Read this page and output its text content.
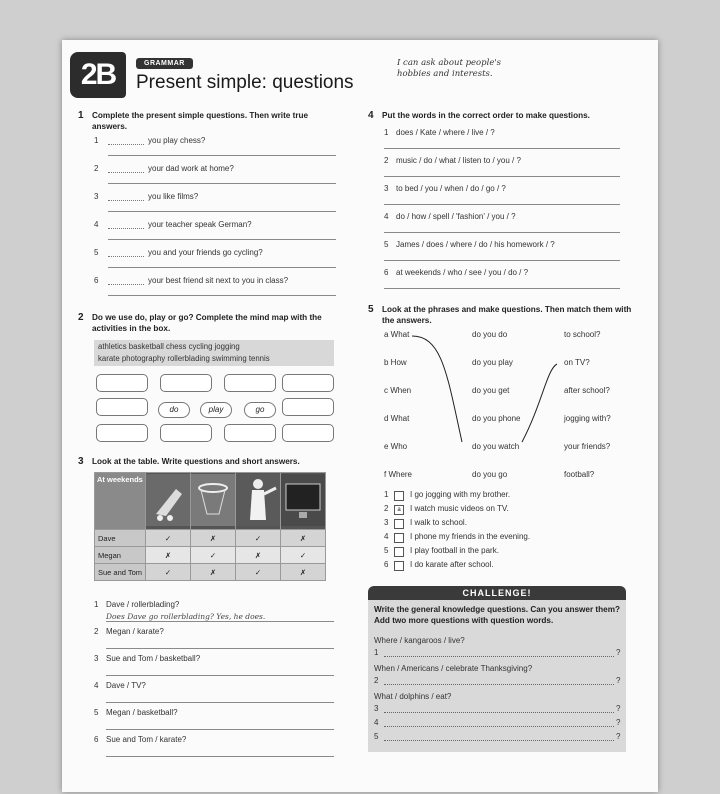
2B	GRAMMAR
Present simple: questions
I can ask about people's hobbies and interests.
1 Complete the present simple questions. Then write true answers.
2 Do we use do, play or go? Complete the mind map with the activities in the box.
athletics basketball chess cycling jogging
karate photography rollerblading swimming tennis
3 Look at the table. Write questions and short answers.
At weekends				
Dave	✓	✗	✓	✗
Megan	✗	✓	✗	✓
Sue and Tom	✓	✗	✓	✗
4 Put the words in the correct order to make questions.
5 Look at the phrases and make questions. Then match them with the answers.
CHALLENGE!
Write the general knowledge questions. Can you answer them? Add two more questions with question words.
1	you play chess?
2	your dad work at home?
3	you like films?
4	your teacher speak German?
5	you and your friends go cycling?
6	your best friend sit next to you in class?
do	play	go
1 Dave / rollerblading?
Does Dave go rollerblading? Yes, he does.
2 Megan / karate?
3 Sue and Tom / basketball?
4 Dave / TV?
5 Megan / basketball?
6 Sue and Tom / karate?
1 does / Kate / where / live / ?
2 music / do / what / listen to / you / ?
3 to bed / you / when / do / go / ?
4 do / how / spell / 'fashion' / you / ?
5 James / does / where / do / his homework / ?
6 at weekends / who / see / you / do / ?
a What	do you do	to school?
b How	do you play	on TV?
c When	do you get	after school?
d What	do you phone	jogging with?
e Who	do you watch	your friends?
f Where	do you go	football?
1	I go jogging with my brother.
2	a	I watch music videos on TV.
3	I walk to school.
4	I phone my friends in the evening.
5	I play football in the park.
6	I do karate after school.
Where / kangaroos / live?
When / Americans / celebrate Thanksgiving?
What / dolphins / eat?
1	?
2	?
3	?
4	?
5	?
